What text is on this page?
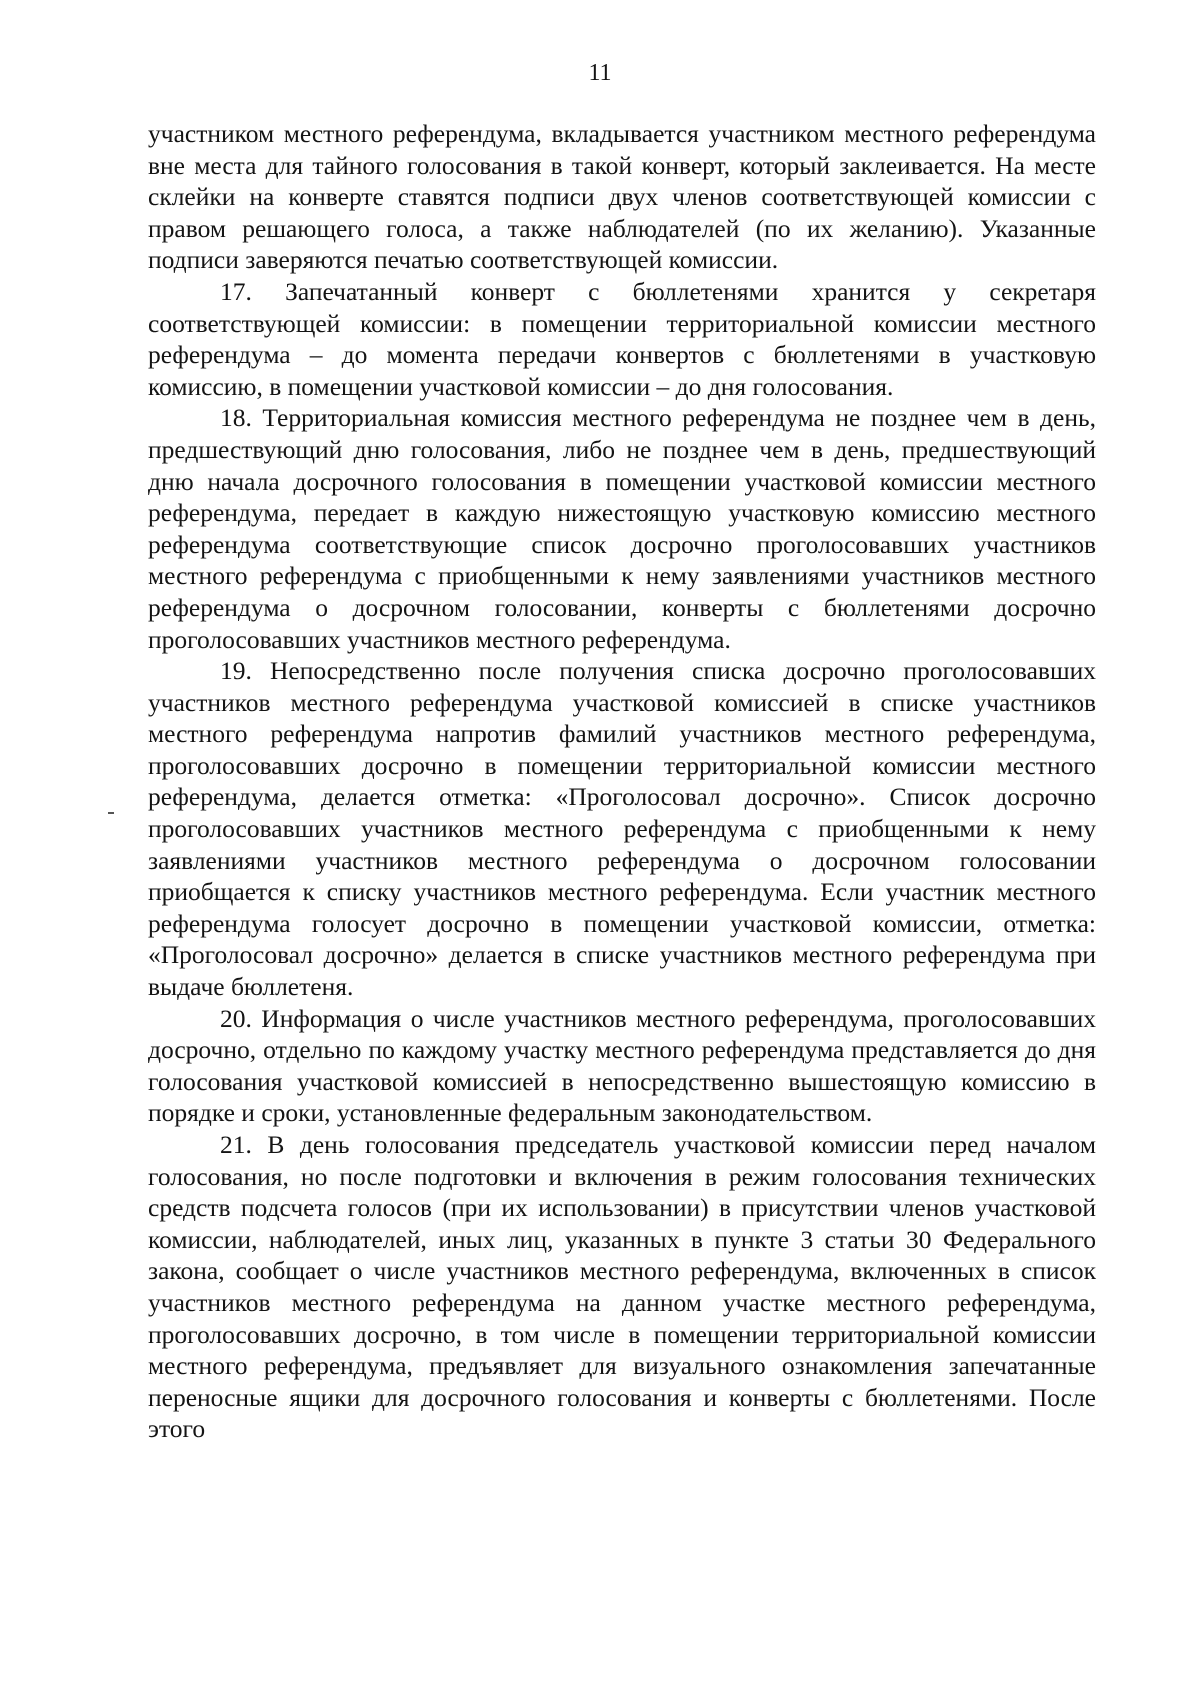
11

участником местного референдума, вкладывается участником местного референдума вне места для тайного голосования в такой конверт, который заклеивается. На месте склейки на конверте ставятся подписи двух членов соответствующей комиссии с правом решающего голоса, а также наблюдателей (по их желанию). Указанные подписи заверяются печатью соответствующей комиссии.

17. Запечатанный конверт с бюллетенями хранится у секретаря соответствующей комиссии: в помещении территориальной комиссии местного референдума – до момента передачи конвертов с бюллетенями в участковую комиссию, в помещении участковой комиссии – до дня голосования.

18. Территориальная комиссия местного референдума не позднее чем в день, предшествующий дню голосования, либо не позднее чем в день, предшествующий дню начала досрочного голосования в помещении участковой комиссии местного референдума, передает в каждую нижестоящую участковую комиссию местного референдума соответствующие список досрочно проголосовавших участников местного референдума с приобщенными к нему заявлениями участников местного референдума о досрочном голосовании, конверты с бюллетенями досрочно проголосовавших участников местного референдума.

19. Непосредственно после получения списка досрочно проголосовавших участников местного референдума участковой комиссией в списке участников местного референдума напротив фамилий участников местного референдума, проголосовавших досрочно в помещении территориальной комиссии местного референдума, делается отметка: «Проголосовал досрочно». Список досрочно проголосовавших участников местного референдума с приобщенными к нему заявлениями участников местного референдума о досрочном голосовании приобщается к списку участников местного референдума. Если участник местного референдума голосует досрочно в помещении участковой комиссии, отметка: «Проголосовал досрочно» делается в списке участников местного референдума при выдаче бюллетеня.

20. Информация о числе участников местного референдума, проголосовавших досрочно, отдельно по каждому участку местного референдума представляется до дня голосования участковой комиссией в непосредственно вышестоящую комиссию в порядке и сроки, установленные федеральным законодательством.

21. В день голосования председатель участковой комиссии перед началом голосования, но после подготовки и включения в режим голосования технических средств подсчета голосов (при их использовании) в присутствии членов участковой комиссии, наблюдателей, иных лиц, указанных в пункте 3 статьи 30 Федерального закона, сообщает о числе участников местного референдума, включенных в список участников местного референдума на данном участке местного референдума, проголосовавших досрочно, в том числе в помещении территориальной комиссии местного референдума, предъявляет для визуального ознакомления запечатанные переносные ящики для досрочного голосования и конверты с бюллетенями. После этого
